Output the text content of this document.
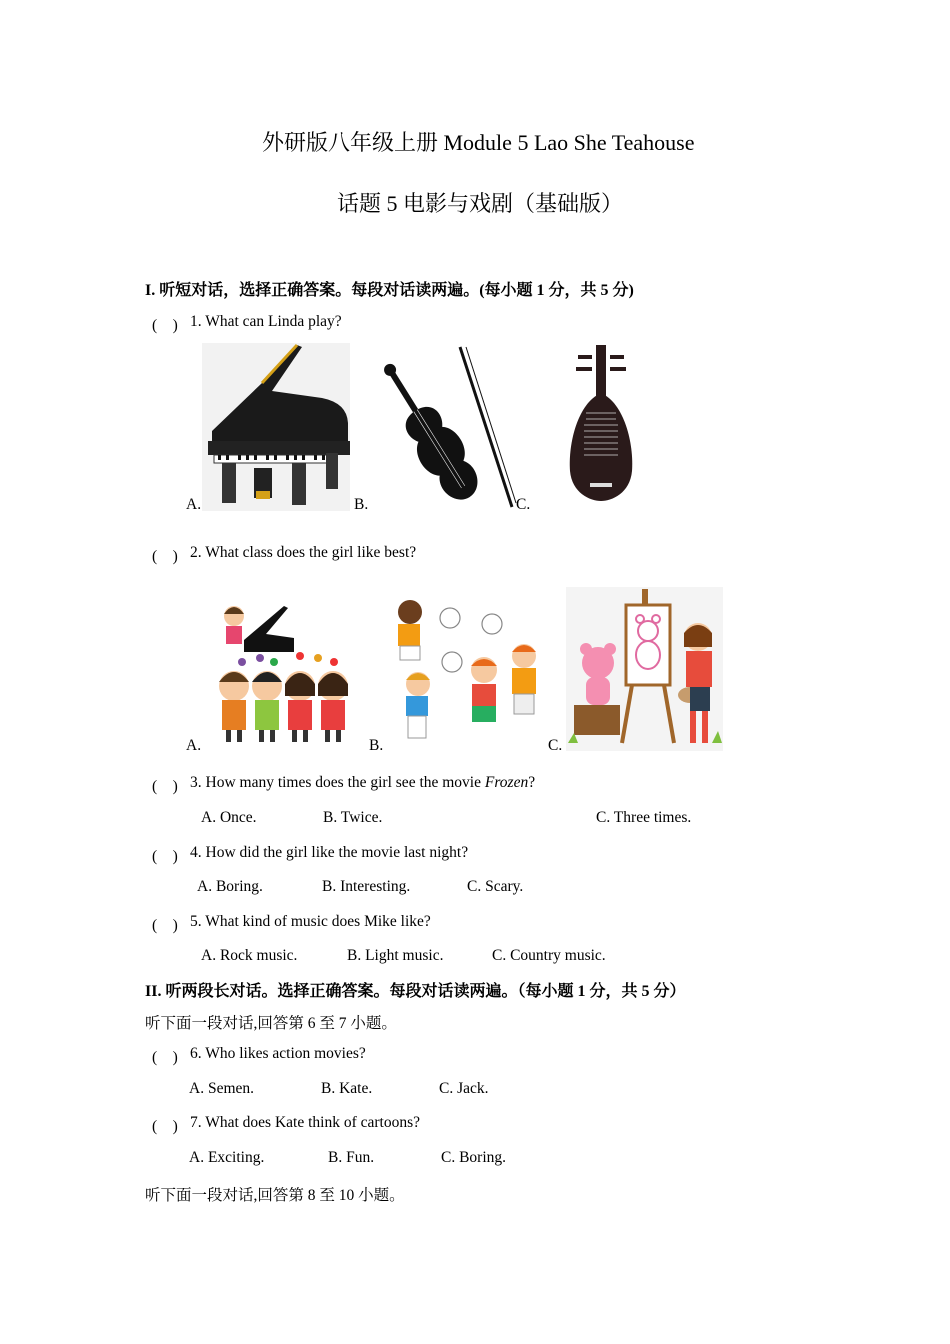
外研版八年级上册 Module 5 Lao She Teahouse
话题 5 电影与戏剧（基础版）
I. 听短对话，选择正确答案。每段对话读两遍。(每小题 1 分，共 5 分)
(　) 1. What can Linda play?
A.	B.	C.
(　) 2. What class does the girl like best?
A.	B.	C.
(　) 3. How many times does the girl see the movie Frozen?
A. Once.	B. Twice.	C. Three times.
(　) 4. How did the girl like the movie last night?
A. Boring.	B. Interesting.	C. Scary.
(　) 5. What kind of music does Mike like?
A. Rock music.	B. Light music.	C. Country music.
II. 听两段长对话。选择正确答案。每段对话读两遍。（每小题 1 分，共 5 分）
听下面一段对话,回答第 6 至 7 小题。
(　) 6. Who likes action movies?
A. Semen.	B. Kate.	C. Jack.
(　) 7. What does Kate think of cartoons?
A. Exciting.	B. Fun.	C. Boring.
听下面一段对话,回答第 8 至 10 小题。
